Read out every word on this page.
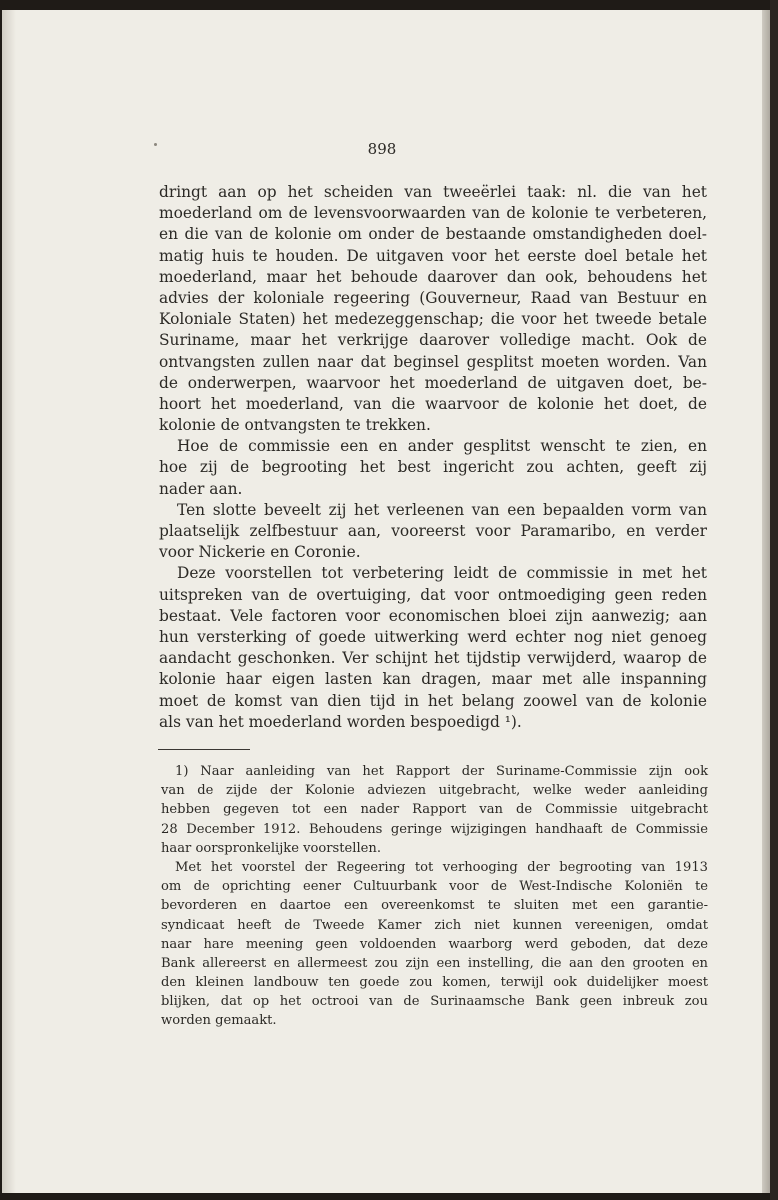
898
dringt aan op het scheiden van tweeërlei taak: nl. die van het
moederland om de levensvoorwaarden van de kolonie te verbeteren,
en die van de kolonie om onder de bestaande omstandigheden doel-
matig huis te houden. De uitgaven voor het eerste doel betale het
moederland, maar het behoude daarover dan ook, behoudens het
advies der koloniale regeering (Gouverneur, Raad van Bestuur en
Koloniale Staten) het medezeggenschap; die voor het tweede betale
Suriname, maar het verkrijge daarover volledige macht. Ook de
ontvangsten zullen naar dat beginsel gesplitst moeten worden. Van
de onderwerpen, waarvoor het moederland de uitgaven doet, be-
hoort het moederland, van die waarvoor de kolonie het doet, de
kolonie de ontvangsten te trekken.
Hoe de commissie een en ander gesplitst wenscht te zien, en
hoe zij de begrooting het best ingericht zou achten, geeft zij
nader aan.
Ten slotte beveelt zij het verleenen van een bepaalden vorm van
plaatselijk zelfbestuur aan, vooreerst voor Paramaribo, en verder
voor Nickerie en Coronie.
Deze voorstellen tot verbetering leidt de commissie in met het
uitspreken van de overtuiging, dat voor ontmoediging geen reden
bestaat. Vele factoren voor economischen bloei zijn aanwezig; aan
hun versterking of goede uitwerking werd echter nog niet genoeg
aandacht geschonken. Ver schijnt het tijdstip verwijderd, waarop de
kolonie haar eigen lasten kan dragen, maar met alle inspanning
moet de komst van dien tijd in het belang zoowel van de kolonie
als van het moederland worden bespoedigd ¹).
1) Naar aanleiding van het Rapport der Suriname-Commissie zijn ook
van de zijde der Kolonie adviezen uitgebracht, welke weder aanleiding
hebben gegeven tot een nader Rapport van de Commissie uitgebracht
28 December 1912. Behoudens geringe wijzigingen handhaaft de Commissie
haar oorspronkelijke voorstellen.
Met het voorstel der Regeering tot verhooging der begrooting van 1913
om de oprichting eener Cultuurbank voor de West-Indische Koloniën te
bevorderen en daartoe een overeenkomst te sluiten met een garantie-
syndicaat heeft de Tweede Kamer zich niet kunnen vereenigen, omdat
naar hare meening geen voldoenden waarborg werd geboden, dat deze
Bank allereerst en allermeest zou zijn een instelling, die aan den grooten en
den kleinen landbouw ten goede zou komen, terwijl ook duidelijker moest
blijken, dat op het octrooi van de Surinaamsche Bank geen inbreuk zou
worden gemaakt.
